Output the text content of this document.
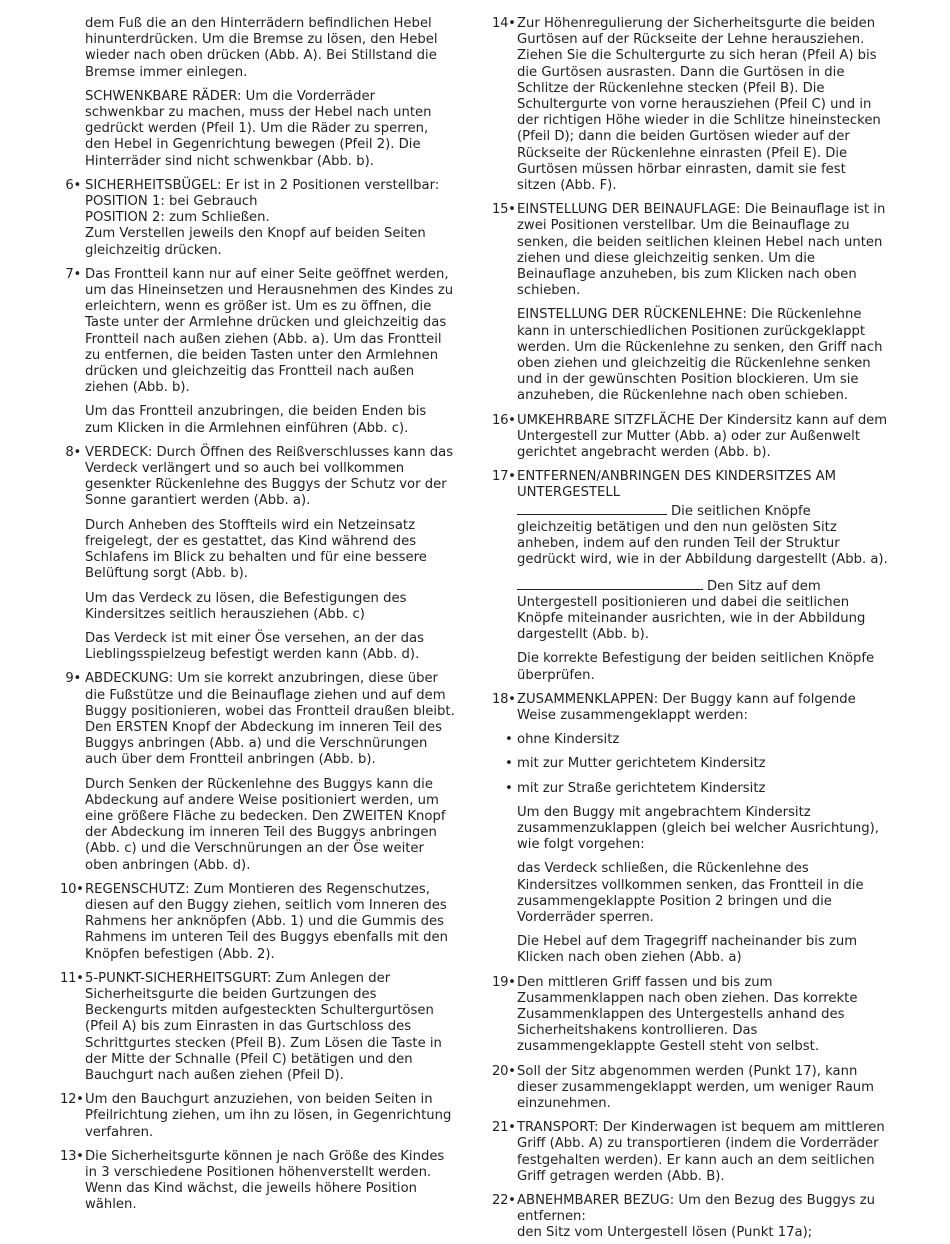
dem Fuß die an den Hinterrädern befindlichen Hebel hinunterdrücken. Um die Bremse zu lösen, den Hebel wieder nach oben drücken (Abb. A). Bei Stillstand die Bremse immer einlegen.

SCHWENKBARE RÄDER: Um die Vorderräder schwenkbar zu machen, muss der Hebel nach unten gedrückt werden (Pfeil 1). Um die Räder zu sperren, den Hebel in Gegenrichtung bewegen (Pfeil 2). Die Hinterräder sind nicht schwenkbar (Abb. b).

6• SICHERHEITSBÜGEL: Er ist in 2 Positionen verstellbar:
POSITION 1: bei Gebrauch
POSITION 2: zum Schließen.

Zum Verstellen jeweils den Knopf auf beiden Seiten gleichzeitig drücken.

7• Das Frontteil kann nur auf einer Seite geöffnet werden, um das Hineinsetzen und Herausnehmen des Kindes zu erleichtern, wenn es größer ist. Um es zu öffnen, die Taste unter der Armlehne drücken und gleichzeitig das Frontteil nach außen ziehen (Abb. a). Um das Frontteil zu entfernen, die beiden Tasten unter den Armlehnen drücken und gleichzeitig das Frontteil nach außen ziehen (Abb. b).

Um das Frontteil anzubringen, die beiden Enden bis zum Klicken in die Armlehnen einführen (Abb. c).

8• VERDECK: Durch Öffnen des Reißverschlusses kann das Verdeck verlängert und so auch bei vollkommen gesenkter Rückenlehne des Buggys der Schutz vor der Sonne garantiert werden (Abb. a).

Durch Anheben des Stoffteils wird ein Netzeinsatz freigelegt, der es gestattet, das Kind während des Schlafens im Blick zu behalten und für eine bessere Belüftung sorgt (Abb. b).

Um das Verdeck zu lösen, die Befestigungen des Kindersitzes seitlich herausziehen (Abb. c)

Das Verdeck ist mit einer Öse versehen, an der das Lieblingsspielzeug befestigt werden kann (Abb. d).

9• ABDECKUNG: Um sie korrekt anzubringen, diese über die Fußstütze und die Beinauflage ziehen und auf dem Buggy positionieren, wobei das Frontteil draußen bleibt. Den ERSTEN Knopf der Abdeckung im inneren Teil des Buggys anbringen (Abb. a) und die Verschnürungen auch über dem Frontteil anbringen (Abb. b).

Durch Senken der Rückenlehne des Buggys kann die Abdeckung auf andere Weise positioniert werden, um eine größere Fläche zu bedecken. Den ZWEITEN Knopf der Abdeckung im inneren Teil des Buggys anbringen (Abb. c) und die Verschnürungen an der Öse weiter oben anbringen (Abb. d).

10• REGENSCHUTZ: Zum Montieren des Regenschutzes, diesen auf den Buggy ziehen, seitlich vom Inneren des Rahmens her anknöpfen (Abb. 1) und die Gummis des Rahmens im unteren Teil des Buggys ebenfalls mit den Knöpfen befestigen (Abb. 2).

11• 5-PUNKT-SICHERHEITSGURT: Zum Anlegen der Sicherheitsgurte die beiden Gurtzungen des Beckengurts mitden aufgesteckten Schultergurtösen (Pfeil A) bis zum Einrasten in das Gurtschloss des Schrittgurtes stecken (Pfeil B). Zum Lösen die Taste in der Mitte der Schnalle (Pfeil C) betätigen und den Bauchgurt nach außen ziehen (Pfeil D).

12• Um den Bauchgurt anzuziehen, von beiden Seiten in Pfeilrichtung ziehen, um ihn zu lösen, in Gegenrichtung verfahren.

13• Die Sicherheitsgurte können je nach Größe des Kindes in 3 verschiedene Positionen höhenverstellt werden. Wenn das Kind wächst, die jeweils höhere Position wählen.

14• Zur Höhenregulierung der Sicherheitsgurte die beiden Gurtösen auf der Rückseite der Lehne herausziehen. Ziehen Sie die Schultergurte zu sich heran (Pfeil A) bis die Gurtösen ausrasten. Dann die Gurtösen in die Schlitze der Rückenlehne stecken (Pfeil B). Die Schultergurte von vorne herausziehen (Pfeil C) und in der richtigen Höhe wieder in die Schlitze hineinstecken (Pfeil D); dann die beiden Gurtösen wieder auf der Rückseite der Rückenlehne einrasten (Pfeil E). Die Gurtösen müssen hörbar einrasten, damit sie fest sitzen (Abb. F).

15• EINSTELLUNG DER BEINAUFLAGE: Die Beinauflage ist in zwei Positionen verstellbar. Um die Beinauflage zu senken, die beiden seitlichen kleinen Hebel nach unten ziehen und diese gleichzeitig senken. Um die Beinauflage anzuheben, bis zum Klicken nach oben schieben.

EINSTELLUNG DER RÜCKENLEHNE: Die Rückenlehne kann in unterschiedlichen Positionen zurückgeklappt werden. Um die Rückenlehne zu senken, den Griff nach oben ziehen und gleichzeitig die Rückenlehne senken und in der gewünschten Position blockieren. Um sie anzuheben, die Rückenlehne nach oben schieben.

16• UMKEHRBARE SITZFLÄCHE Der Kindersitz kann auf dem Untergestell zur Mutter (Abb. a) oder zur Außenwelt gerichtet angebracht werden (Abb. b).

17• ENTFERNEN/ANBRINGEN DES KINDERSITZES AM UNTERGESTELL

Die seitlichen Knöpfe gleichzeitig betätigen und den nun gelösten Sitz anheben, indem auf den runden Teil der Struktur gedrückt wird, wie in der Abbildung dargestellt (Abb. a).

Den Sitz auf dem Untergestell positionieren und dabei die seitlichen Knöpfe miteinander ausrichten, wie in der Abbildung dargestellt (Abb. b).

Die korrekte Befestigung der beiden seitlichen Knöpfe überprüfen.

18• ZUSAMMENKLAPPEN: Der Buggy kann auf folgende Weise zusammengeklappt werden:

• ohne Kindersitz
• mit zur Mutter gerichtetem Kindersitz
• mit zur Straße gerichtetem Kindersitz

Um den Buggy mit angebrachtem Kindersitz zusammenzuklappen (gleich bei welcher Ausrichtung), wie folgt vorgehen:

das Verdeck schließen, die Rückenlehne des Kindersitzes vollkommen senken, das Frontteil in die zusammengeklappte Position 2 bringen und die Vorderräder sperren.

Die Hebel auf dem Tragegriff nacheinander bis zum Klicken nach oben ziehen (Abb. a)

19• Den mittleren Griff fassen und bis zum Zusammenklappen nach oben ziehen. Das korrekte Zusammenklappen des Untergestells anhand des Sicherheitshakens kontrollieren. Das zusammengeklappte Gestell steht von selbst.

20• Soll der Sitz abgenommen werden (Punkt 17), kann dieser zusammengeklappt werden, um weniger Raum einzunehmen.

21• TRANSPORT: Der Kinderwagen ist bequem am mittleren Griff (Abb. A) zu transportieren (indem die Vorderräder festgehalten werden). Er kann auch an dem seitlichen Griff getragen werden (Abb. B).

22• ABNEHMBARER BEZUG: Um den Bezug des Buggys zu entfernen:
den Sitz vom Untergestell lösen (Punkt 17a);
